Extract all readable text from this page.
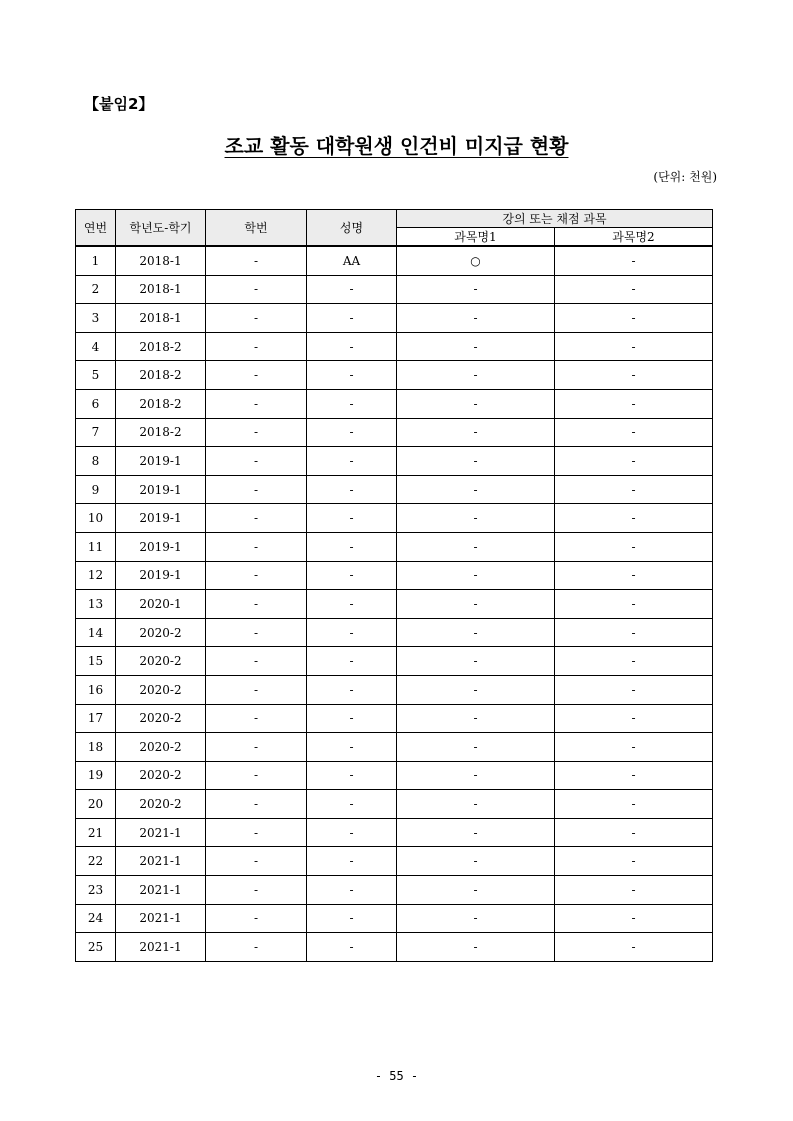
【붙임2】
조교 활동 대학원생 인건비 미지급 현황
(단위: 천원)
연번	학년도-학기	학번	성명	강의 또는 채점 과목	
				과목명1	과목명2
1	2018-1	-	AA	○	-
2	2018-1	-	-	-	-
3	2018-1	-	-	-	-
4	2018-2	-	-	-	-
5	2018-2	-	-	-	-
6	2018-2	-	-	-	-
7	2018-2	-	-	-	-
8	2019-1	-	-	-	-
9	2019-1	-	-	-	-
10	2019-1	-	-	-	-
11	2019-1	-	-	-	-
12	2019-1	-	-	-	-
13	2020-1	-	-	-	-
14	2020-2	-	-	-	-
15	2020-2	-	-	-	-
16	2020-2	-	-	-	-
17	2020-2	-	-	-	-
18	2020-2	-	-	-	-
19	2020-2	-	-	-	-
20	2020-2	-	-	-	-
21	2021-1	-	-	-	-
22	2021-1	-	-	-	-
23	2021-1	-	-	-	-
24	2021-1	-	-	-	-
25	2021-1	-	-	-	-
- 55 -
